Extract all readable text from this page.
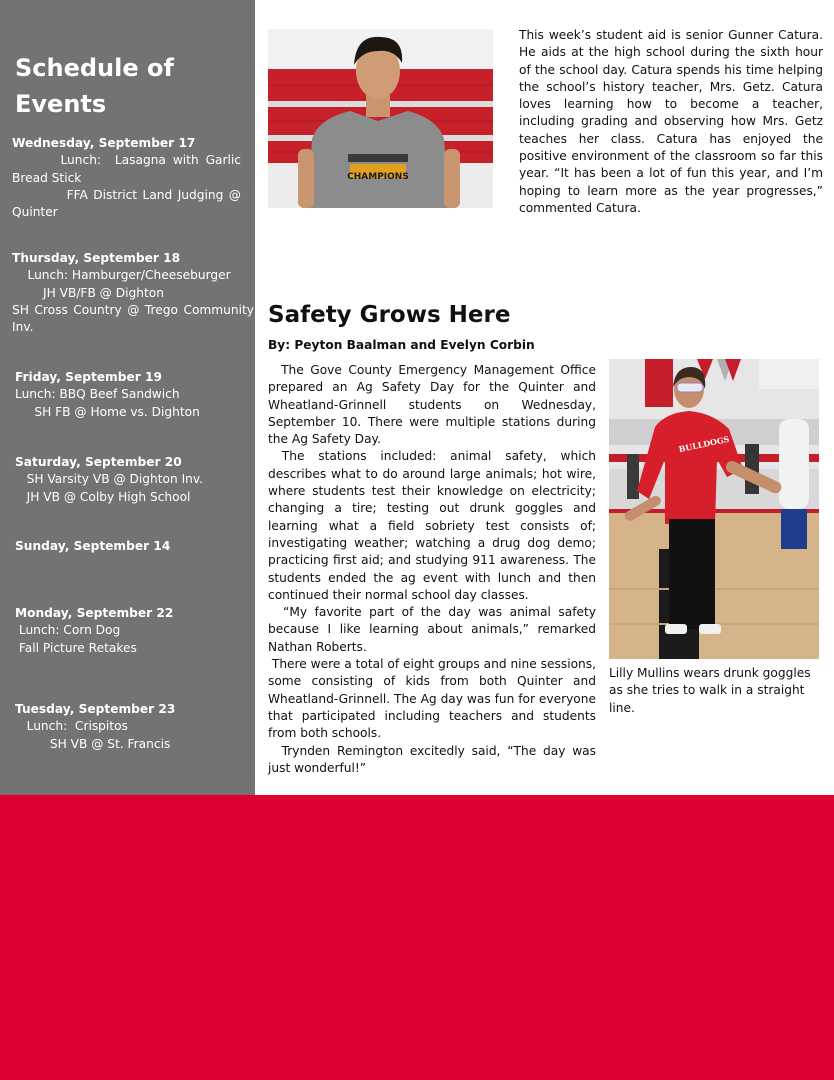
Schedule of Events
Wednesday, September 17
Lunch:  Lasagna with Garlic Bread Stick
FFA District Land Judging @ Quinter
Thursday, September 18
Lunch: Hamburger/Cheeseburger
JH VB/FB @ Dighton
SH Cross Country @ Trego Community Inv.
Friday, September 19
Lunch: BBQ Beef Sandwich
SH FB @ Home vs. Dighton
Saturday, September 20
SH Varsity VB @ Dighton Inv.
JH VB @ Colby High School
Sunday, September 14
Monday, September 22
Lunch: Corn Dog
Fall Picture Retakes
Tuesday, September 23
Lunch:  Crispitos
SH VB @ St. Francis
CHAMPIONS

This week’s student aid is senior Gunner Catura. He aids at the high school during the sixth hour of the school day. Catura spends his time helping the school’s history teacher, Mrs. Getz. Catura loves learning how to become a teacher, including grading and observing how Mrs. Getz teaches her class. Catura has enjoyed the positive environment of the classroom so far this year. “It has been a lot of fun this year, and I’m hoping to learn more as the year progresses,” commented Catura.

Safety Grows Here

By: Peyton Baalman and Evelyn Corbin

The Gove County Emergency Management Office prepared an Ag Safety Day for the Quinter and Wheatland-Grinnell students on Wednesday, September 10. There were multiple stations during the Ag Safety Day.

The stations included: animal safety, which describes what to do around large animals; hot wire, where students test their knowledge on electricity; changing a tire; testing out drunk goggles and learning what a field sobriety test consists of; investigating weather; watching a drug dog demo; practicing first aid; and studying 911 awareness. The students ended the ag event with lunch and then continued their normal school day classes.

“My favorite part of the day was animal safety because I like learning about animals,” remarked Nathan Roberts.

There were a total of eight groups and nine sessions, some consisting of kids from both Quinter and Wheatland-Grinnell. The Ag day was fun for everyone that participated including teachers and students from both schools.

Trynden Remington excitedly said, “The day was just wonderful!”

BULLDOGS

Lilly Mullins wears drunk goggles as she tries to walk in a straight line.
